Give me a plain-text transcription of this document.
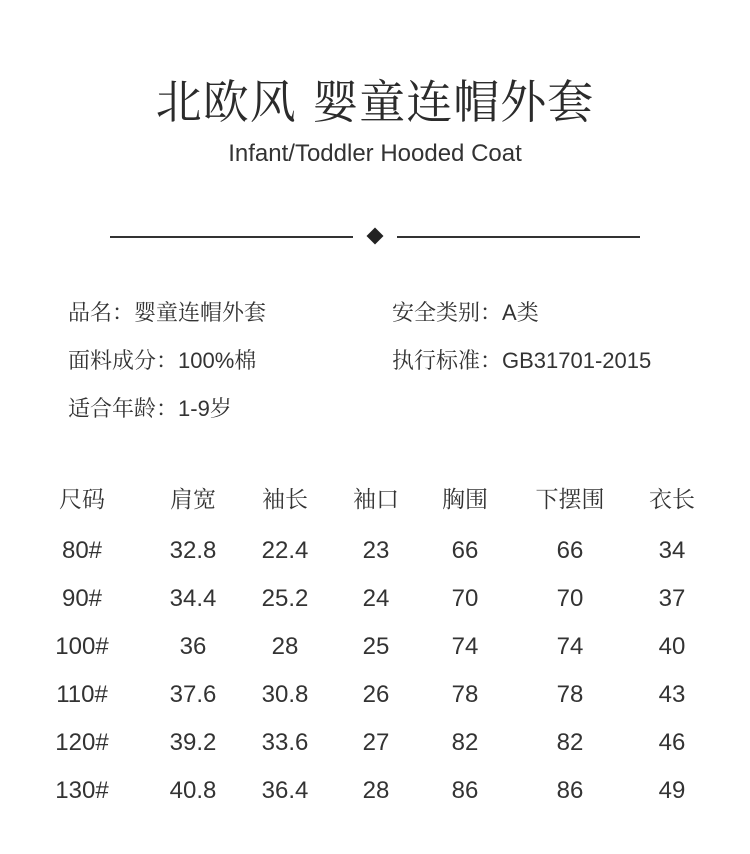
北欧风 婴童连帽外套
Infant/Toddler Hooded Coat
品名：婴童连帽外套	安全类别：A类
面料成分：100%棉	执行标准：GB31701-2015
适合年龄：1-9岁
尺码	肩宽	袖长	袖口	胸围	下摆围	衣长
80#	32.8	22.4	23	66	66	34
90#	34.4	25.2	24	70	70	37
100#	36	28	25	74	74	40
110#	37.6	30.8	26	78	78	43
120#	39.2	33.6	27	82	82	46
130#	40.8	36.4	28	86	86	49
